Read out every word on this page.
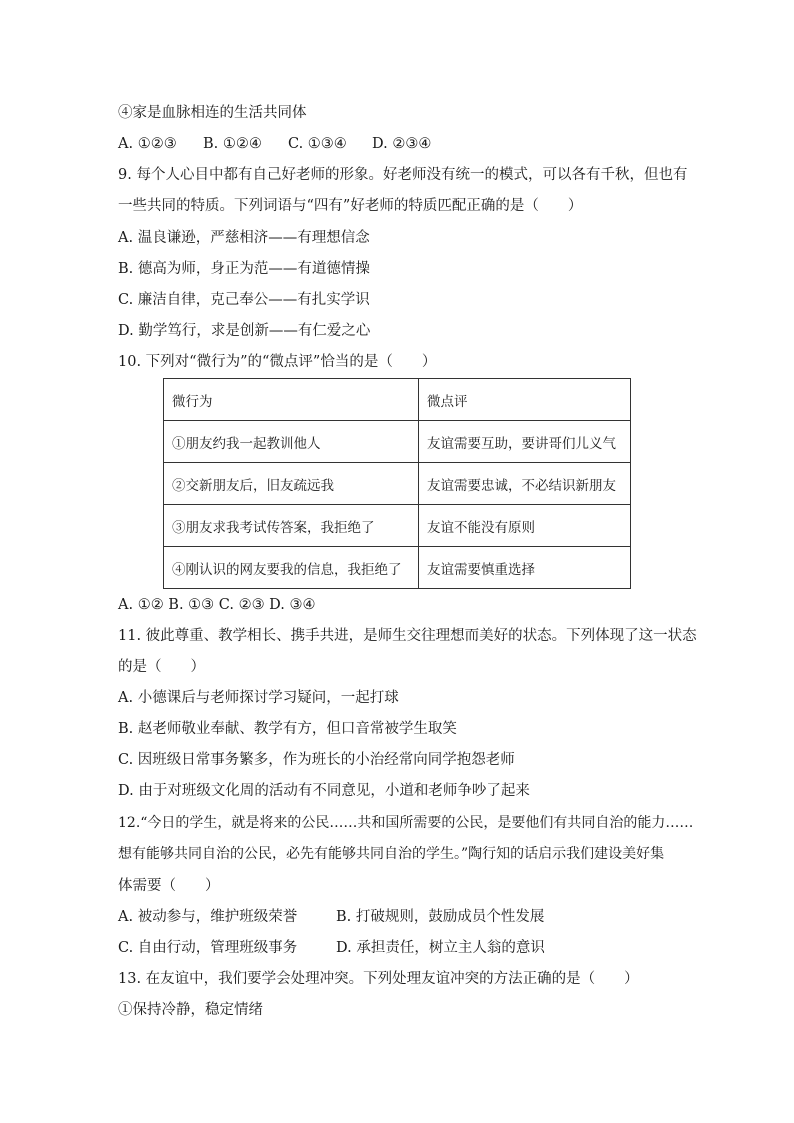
④家是血脉相连的生活共同体
A. ①②③ B. ①②④ C. ①③④ D. ②③④
9. 每个人心目中都有自己好老师的形象。好老师没有统一的模式，可以各有千秋，但也有
一些共同的特质。下列词语与“四有”好老师的特质匹配正确的是（　　）
A. 温良谦逊，严慈相济——有理想信念
B. 德高为师，身正为范——有道德情操
C. 廉洁自律，克己奉公——有扎实学识
D. 勤学笃行，求是创新——有仁爱之心
10. 下列对“微行为”的“微点评”恰当的是（　　）
微行为	微点评
①朋友约我一起教训他人	友谊需要互助，要讲哥们儿义气
②交新朋友后，旧友疏远我	友谊需要忠诚，不必结识新朋友
③朋友求我考试传答案，我拒绝了	友谊不能没有原则
④刚认识的网友要我的信息，我拒绝了	友谊需要慎重选择
A. ①② B. ①③ C. ②③ D. ③④
11. 彼此尊重、教学相长、携手共进，是师生交往理想而美好的状态。下列体现了这一状态
的是（　　）
A. 小德课后与老师探讨学习疑问，一起打球
B. 赵老师敬业奉献、教学有方，但口音常被学生取笑
C. 因班级日常事务繁多，作为班长的小治经常向同学抱怨老师
D. 由于对班级文化周的活动有不同意见，小道和老师争吵了起来
12.“今日的学生，就是将来的公民……共和国所需要的公民，是要他们有共同自治的能力……
想有能够共同自治的公民，必先有能够共同自治的学生。”陶行知的话启示我们建设美好集
体需要（　　）
A. 被动参与，维护班级荣誉	B. 打破规则，鼓励成员个性发展
C. 自由行动，管理班级事务	D. 承担责任，树立主人翁的意识
13. 在友谊中，我们要学会处理冲突。下列处理友谊冲突的方法正确的是（　　）
①保持冷静，稳定情绪
